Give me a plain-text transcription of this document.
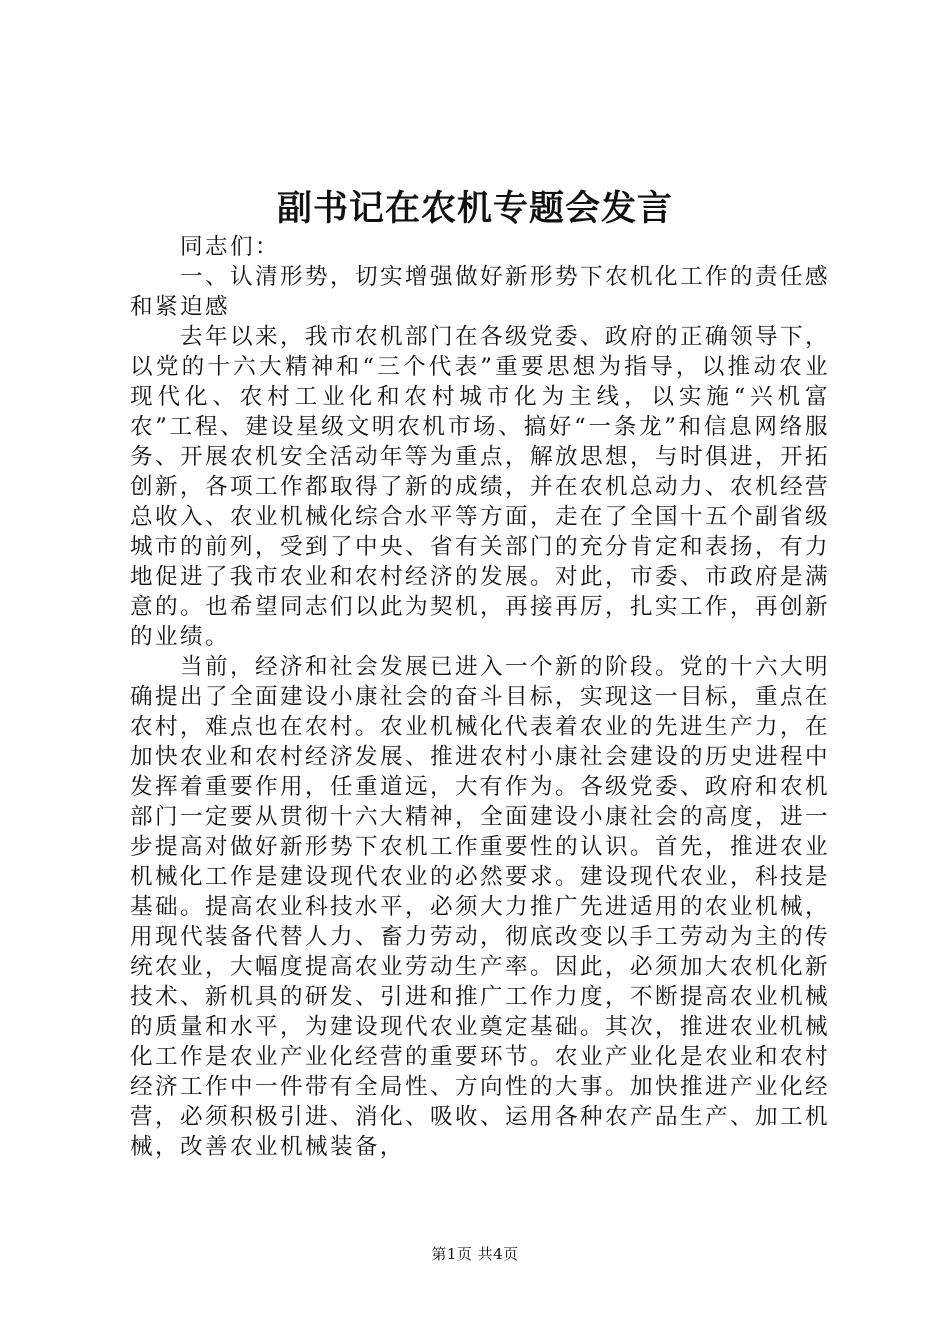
副书记在农机专题会发言

同志们：

一、认清形势，切实增强做好新形势下农机化工作的责任感和紧迫感

去年以来，我市农机部门在各级党委、政府的正确领导下，以党的十六大精神和“三个代表”重要思想为指导，以推动农业现代化、农村工业化和农村城市化为主线，以实施“兴机富农”工程、建设星级文明农机市场、搞好“一条龙”和信息网络服务、开展农机安全活动年等为重点，解放思想，与时俱进，开拓创新，各项工作都取得了新的成绩，并在农机总动力、农机经营总收入、农业机械化综合水平等方面，走在了全国十五个副省级城市的前列，受到了中央、省有关部门的充分肯定和表扬，有力地促进了我市农业和农村经济的发展。对此，市委、市政府是满意的。也希望同志们以此为契机，再接再厉，扎实工作，再创新的业绩。

当前，经济和社会发展已进入一个新的阶段。党的十六大明确提出了全面建设小康社会的奋斗目标，实现这一目标，重点在农村，难点也在农村。农业机械化代表着农业的先进生产力，在加快农业和农村经济发展、推进农村小康社会建设的历史进程中发挥着重要作用，任重道远，大有作为。各级党委、政府和农机部门一定要从贯彻十六大精神，全面建设小康社会的高度，进一步提高对做好新形势下农机工作重要性的认识。首先，推进农业机械化工作是建设现代农业的必然要求。建设现代农业，科技是基础。提高农业科技水平，必须大力推广先进适用的农业机械，用现代装备代替人力、畜力劳动，彻底改变以手工劳动为主的传统农业，大幅度提高农业劳动生产率。因此，必须加大农机化新技术、新机具的研发、引进和推广工作力度，不断提高农业机械的质量和水平，为建设现代农业奠定基础。其次，推进农业机械化工作是农业产业化经营的重要环节。农业产业化是农业和农村经济工作中一件带有全局性、方向性的大事。加快推进产业化经营，必须积极引进、消化、吸收、运用各种农产品生产、加工机械，改善农业机械装备，

第1页 共4页
